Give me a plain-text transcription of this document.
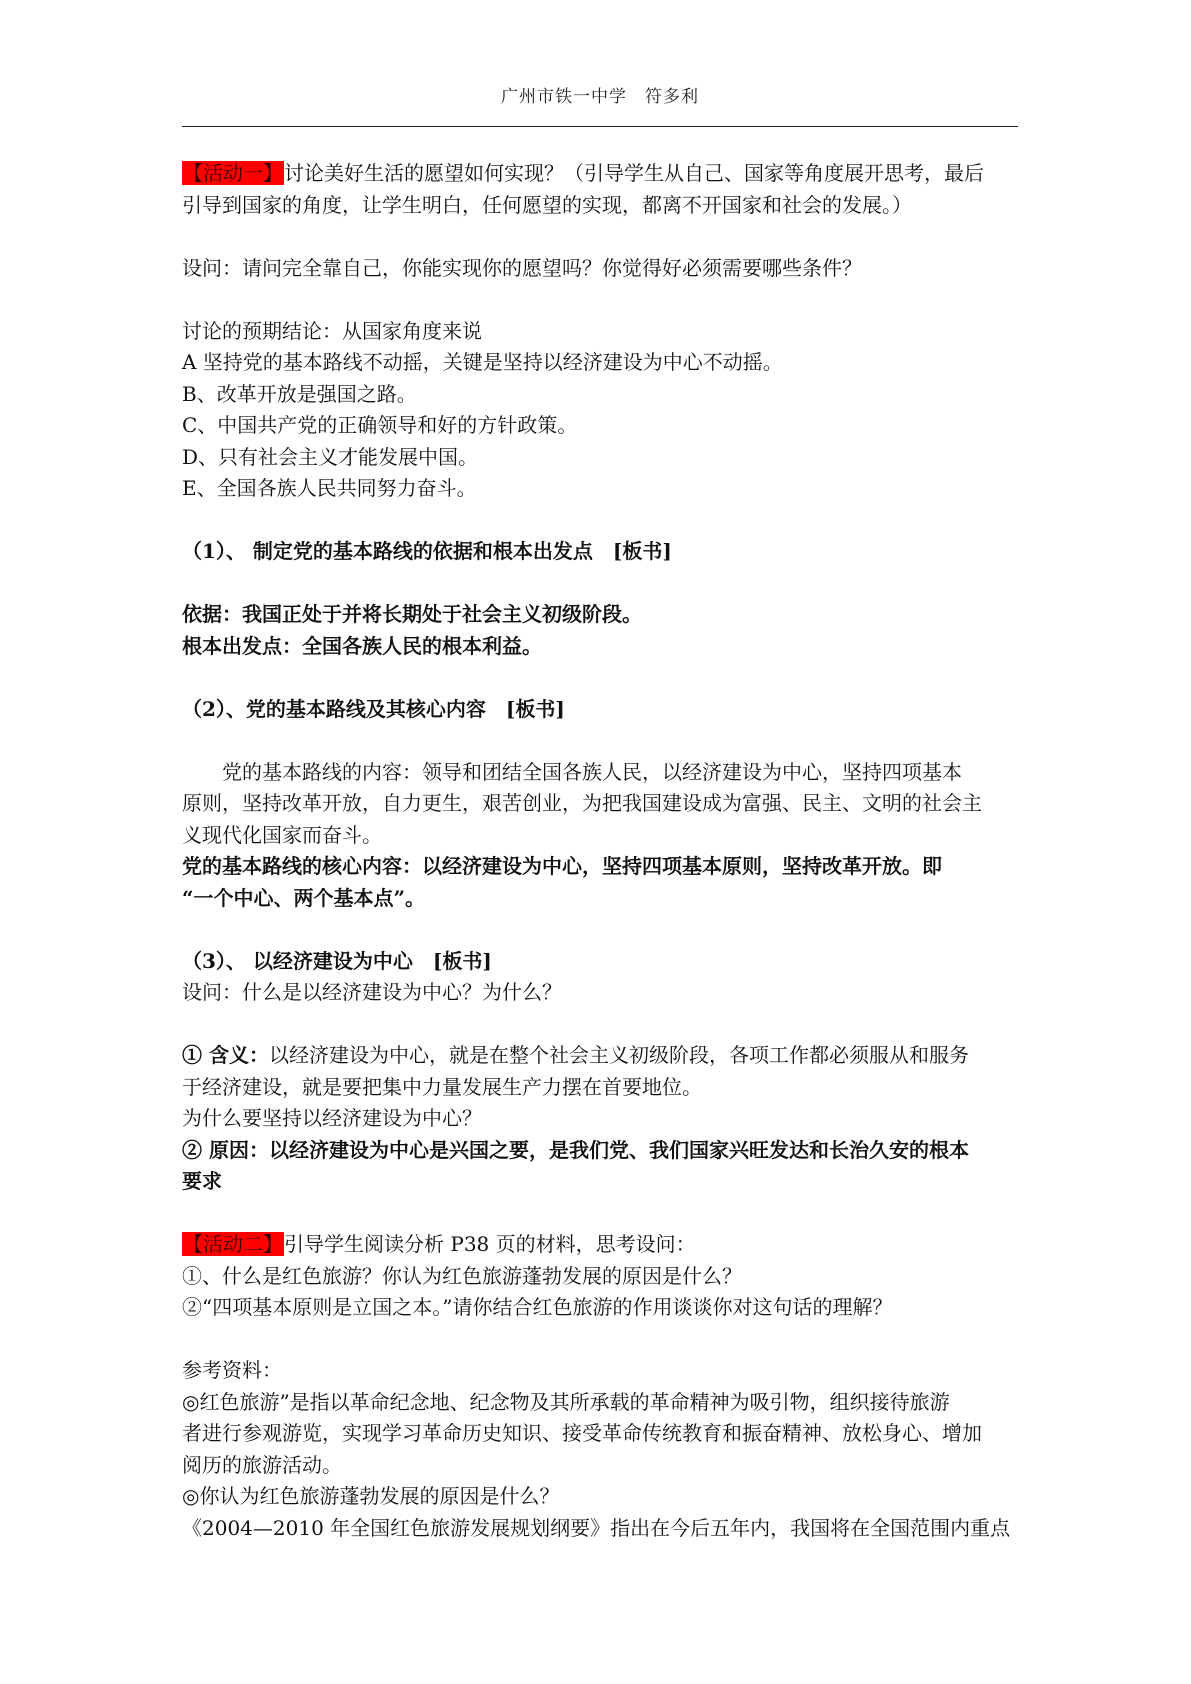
广州市铁一中学　符多利
【活动一】讨论美好生活的愿望如何实现？（引导学生从自己、国家等角度展开思考，最后
引导到国家的角度，让学生明白，任何愿望的实现，都离不开国家和社会的发展。）
设问：请问完全靠自己，你能实现你的愿望吗？你觉得好必须需要哪些条件？
讨论的预期结论：从国家角度来说
A 坚持党的基本路线不动摇，关键是坚持以经济建设为中心不动摇。
B、改革开放是强国之路。
C、中国共产党的正确领导和好的方针政策。
D、只有社会主义才能发展中国。
E、全国各族人民共同努力奋斗。
（1）、 制定党的基本路线的依据和根本出发点　[板书]
依据：我国正处于并将长期处于社会主义初级阶段。
根本出发点：全国各族人民的根本利益。
（2）、党的基本路线及其核心内容　[板书]
党的基本路线的内容：领导和团结全国各族人民，以经济建设为中心，坚持四项基本
原则，坚持改革开放，自力更生，艰苦创业，为把我国建设成为富强、民主、文明的社会主
义现代化国家而奋斗。
党的基本路线的核心内容：以经济建设为中心，坚持四项基本原则，坚持改革开放。即
“一个中心、两个基本点”。
（3）、 以经济建设为中心　[板书]
设问：什么是以经济建设为中心？为什么？
① 含义：以经济建设为中心，就是在整个社会主义初级阶段，各项工作都必须服从和服务
于经济建设，就是要把集中力量发展生产力摆在首要地位。
为什么要坚持以经济建设为中心？
② 原因：以经济建设为中心是兴国之要，是我们党、我们国家兴旺发达和长治久安的根本
要求
【活动二】引导学生阅读分析 P38 页的材料，思考设问：
①、什么是红色旅游？你认为红色旅游蓬勃发展的原因是什么？
②“四项基本原则是立国之本。”请你结合红色旅游的作用谈谈你对这句话的理解？
参考资料：
◎红色旅游”是指以革命纪念地、纪念物及其所承载的革命精神为吸引物，组织接待旅游
者进行参观游览，实现学习革命历史知识、接受革命传统教育和振奋精神、放松身心、增加
阅历的旅游活动。
◎你认为红色旅游蓬勃发展的原因是什么？
《2004—2010 年全国红色旅游发展规划纲要》指出在今后五年内，我国将在全国范围内重点
